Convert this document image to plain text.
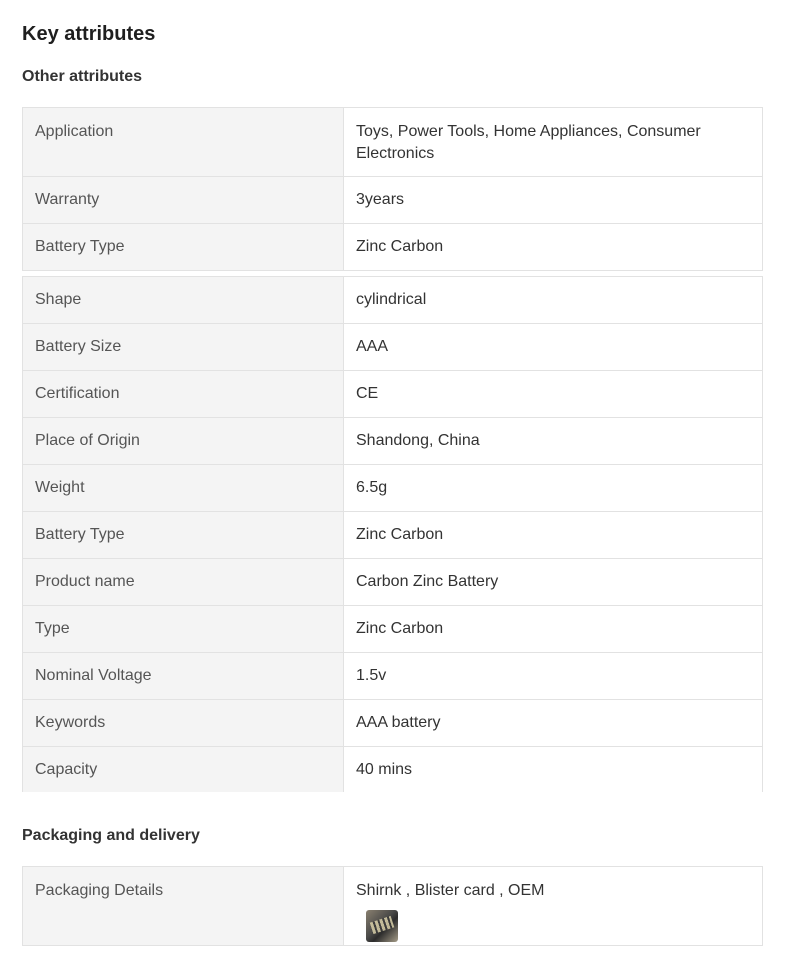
Key attributes
Other attributes
Application	Toys, Power Tools, Home Appliances, Consumer Electronics
Warranty	3years
Battery Type	Zinc Carbon
Shape	cylindrical
Battery Size	AAA
Certification	CE
Place of Origin	Shandong, China
Weight	6.5g
Battery Type	Zinc Carbon
Product name	Carbon Zinc Battery
Type	Zinc Carbon
Nominal Voltage	1.5v
Keywords	AAA battery
Capacity	40 mins
Packaging and delivery
Packaging Details	Shirnk , Blister card , OEM
